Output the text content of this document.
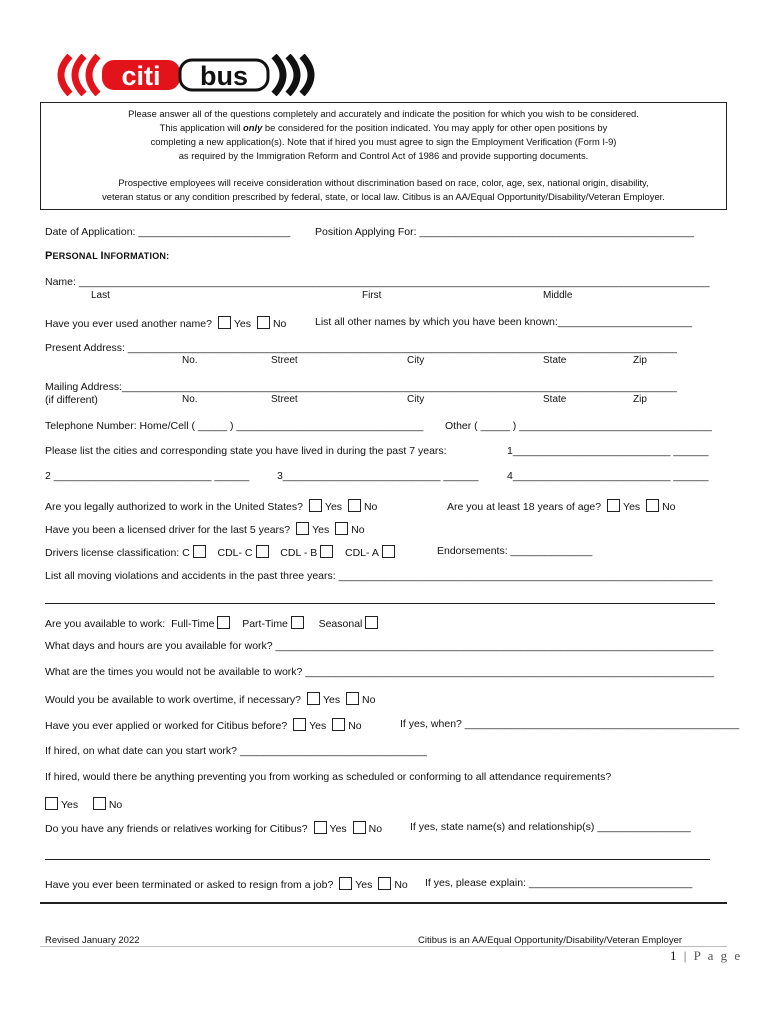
citi bus

Please answer all of the questions completely and accurately and indicate the position for which you wish to be considered.

This application will only be considered for the position indicated. You may apply for other open positions by

completing a new application(s). Note that if hired you must agree to sign the Employment Verification (Form I-9)

as required by the Immigration Reform and Control Act of 1986 and provide supporting documents.

Prospective employees will receive consideration without discrimination based on race, color, age, sex, national origin, disability,

veteran status or any condition prescribed by federal, state, or local law. Citibus is an AA/Equal Opportunity/Disability/Veteran Employer.

Date of Application: __________________________ Position Applying For: _______________________________________________
PERSONAL INFORMATION:
Name: ____________________________________________________________________________________________________________
Last	First	Middle
Have you ever used another name? Yes No	List all other names by which you have been known:_______________________
Present Address: ______________________________________________________________________________________________
No.	Street	City	State	Zip
Mailing Address:_______________________________________________________________________________________________
(if different)	No.	Street	City	State	Zip
Telephone Number: Home/Cell ( _____ ) ________________________________ Other ( _____ ) _________________________________
Please list the cities and corresponding state you have lived in during the past 7 years:	1___________________________ ______
2 ___________________________ ______	3___________________________ ______	4___________________________ ______
Are you legally authorized to work in the United States? Yes No	Are you at least 18 years of age? Yes No
Have you been a licensed driver for the last 5 years? Yes No
Drivers license classification: C	CDL- C	CDL - B	CDL- A	Endorsements: ______________
List all moving violations and accidents in the past three years: ________________________________________________________________
Are you available to work: Full-Time	Part-Time	Seasonal
What days and hours are you available for work? ___________________________________________________________________________
What are the times you would not be available to work? ______________________________________________________________________
Would you be available to work overtime, if necessary? Yes No
Have you ever applied or worked for Citibus before? Yes No	If yes, when? _______________________________________________
If hired, on what date can you start work? ________________________________
If hired, would there be anything preventing you from working as scheduled or conforming to all attendance requirements?
Yes	No
Do you have any friends or relatives working for Citibus? Yes No	If yes, state name(s) and relationship(s) ________________
Have you ever been terminated or asked to resign from a job? Yes No If yes, please explain: ____________________________
Revised January 2022	Citibus is an AA/Equal Opportunity/Disability/Veteran Employer
1 | P a g e
